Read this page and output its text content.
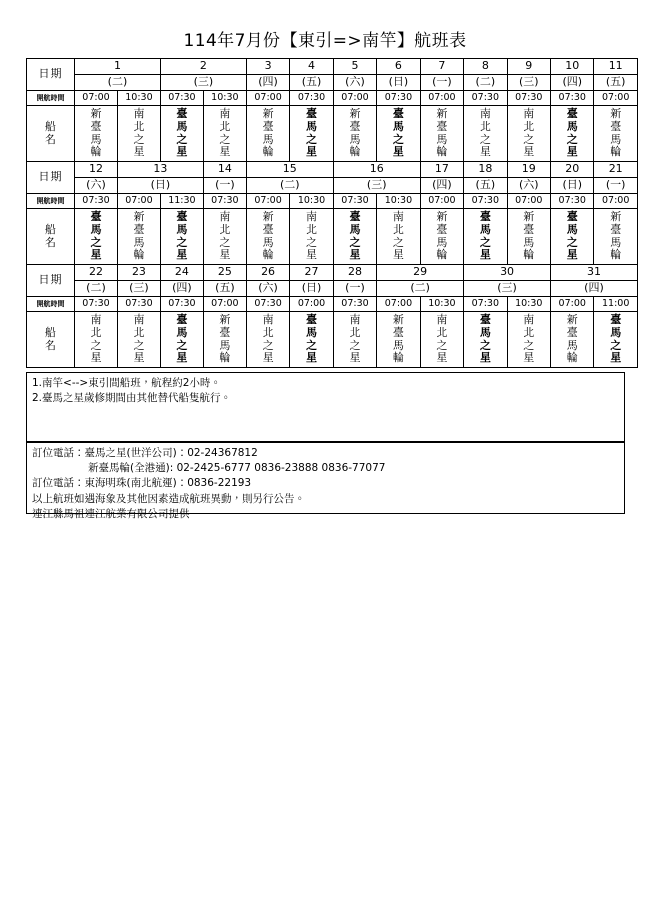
114年7月份【東引=>南竿】航班表
日期	1		2		3	4	5	6	7	8	9	10	11
	(二)		(三)		(四)	(五)	(六)	(日)	(一)	(二)	(三)	(四)	(五)
開航時間	07:00	10:30	07:30	10:30	07:00	07:30	07:00	07:30	07:00	07:30	07:30	07:30	07:00

船
名	新
臺
馬
輪	南
北
之
星	臺
馬
之
星	南
北
之
星	新
臺
馬
輪	臺
馬
之
星	新
臺
馬
輪	臺
馬
之
星	新
臺
馬
輪	南
北
之
星	南
北
之
星	臺
馬
之
星	新
臺
馬
輪

日期	12	13		14	15		16		17	18	19	20	21
	(六)	(日)		(一)	(二)		(三)		(四)	(五)	(六)	(日)	(一)
開航時間	07:30	07:00	11:30	07:30	07:00	10:30	07:30	10:30	07:00	07:30	07:00	07:30	07:00

船
名	臺
馬
之
星	新
臺
馬
輪	臺
馬
之
星	南
北
之
星	新
臺
馬
輪	南
北
之
星	臺
馬
之
星	南
北
之
星	新
臺
馬
輪	臺
馬
之
星	新
臺
馬
輪	臺
馬
之
星	新
臺
馬
輪

日期	22	23	24	25	26	27	28	29		30		31	
	(二)	(三)	(四)	(五)	(六)	(日)	(一)	(二)		(三)		(四)	
開航時間	07:30	07:30	07:30	07:00	07:30	07:00	07:30	07:00	10:30	07:30	10:30	07:00	11:00

船
名	南
北
之
星	南
北
之
星	臺
馬
之
星	新
臺
馬
輪	南
北
之
星	臺
馬
之
星	南
北
之
星	新
臺
馬
輪	南
北
之
星	臺
馬
之
星	南
北
之
星	新
臺
馬
輪	臺
馬
之
星

1.南竿<-->東引間船班，航程約2小時。

2.臺馬之星歲修期間由其他替代船隻航行。

訂位電話：臺馬之星(世洋公司)：02-24367812

新臺馬輪(全港通): 02-2425-6777 0836-23888 0836-77077

訂位電話：東海明珠(南北航運)：0836-22193

以上航班如遇海象及其他因素造成航班異動，則另行公告。

連江縣馬祖連江航業有限公司提供
